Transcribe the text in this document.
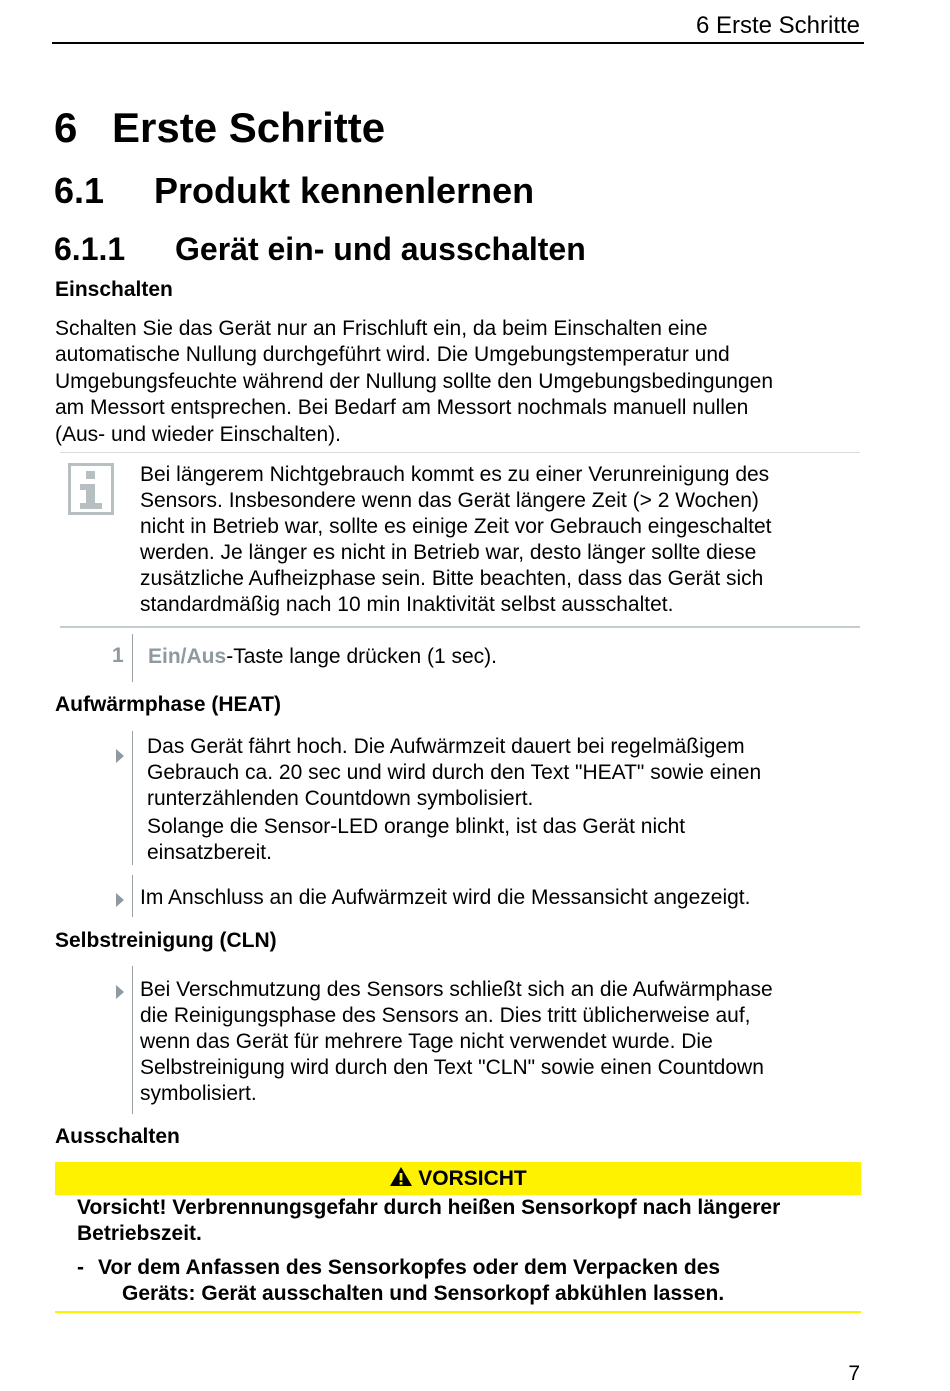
6 Erste Schritte
6 Erste Schritte
6.1 Produkt kennenlernen
6.1.1 Gerät ein- und ausschalten
Einschalten
Schalten Sie das Gerät nur an Frischluft ein, da beim Einschalten eine
automatische Nullung durchgeführt wird. Die Umgebungstemperatur und
Umgebungsfeuchte während der Nullung sollte den Umgebungsbedingungen
am Messort entsprechen. Bei Bedarf am Messort nochmals manuell nullen
(Aus- und wieder Einschalten).
Bei längerem Nichtgebrauch kommt es zu einer Verunreinigung des
Sensors. Insbesondere wenn das Gerät längere Zeit (> 2 Wochen)
nicht in Betrieb war, sollte es einige Zeit vor Gebrauch eingeschaltet
werden. Je länger es nicht in Betrieb war, desto länger sollte diese
zusätzliche Aufheizphase sein. Bitte beachten, dass das Gerät sich
standardmäßig nach 10 min Inaktivität selbst ausschaltet.
1 Ein/Aus-Taste lange drücken (1 sec).
Aufwärmphase (HEAT)
Das Gerät fährt hoch. Die Aufwärmzeit dauert bei regelmäßigem
Gebrauch ca. 20 sec und wird durch den Text "HEAT" sowie einen
runterzählenden Countdown symbolisiert.
Solange die Sensor-LED orange blinkt, ist das Gerät nicht
einsatzbereit.
Im Anschluss an die Aufwärmzeit wird die Messansicht angezeigt.
Selbstreinigung (CLN)
Bei Verschmutzung des Sensors schließt sich an die Aufwärmphase
die Reinigungsphase des Sensors an. Dies tritt üblicherweise auf,
wenn das Gerät für mehrere Tage nicht verwendet wurde. Die
Selbstreinigung wird durch den Text "CLN" sowie einen Countdown
symbolisiert.
Ausschalten
VORSICHT
Vorsicht! Verbrennungsgefahr durch heißen Sensorkopf nach längerer
Betriebszeit.
- Vor dem Anfassen des Sensorkopfes oder dem Verpacken des
Geräts: Gerät ausschalten und Sensorkopf abkühlen lassen.
7
